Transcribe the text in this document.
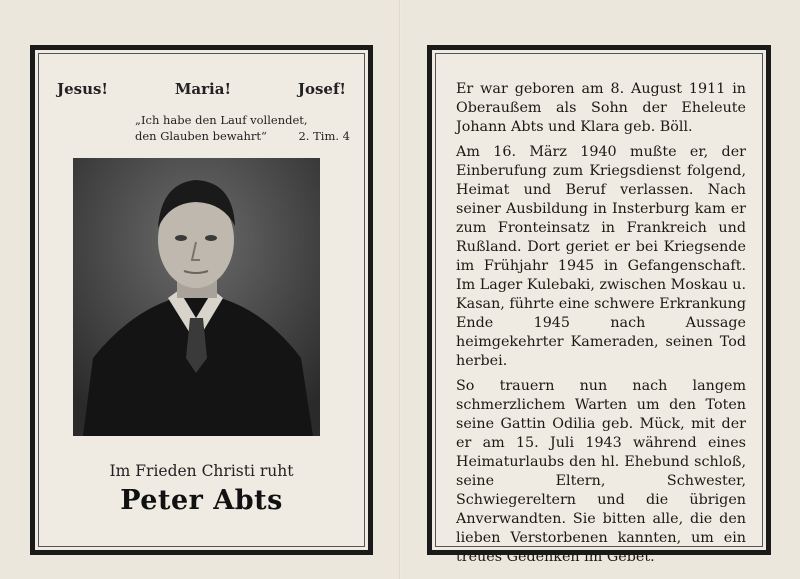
Jesus!	Maria!	Josef!
„Ich habe den Lauf vollendet,
den Glauben bewahrt“	2. Tim. 4
Im Frieden Christi ruht
Peter Abts

Er war geboren am 8. August 1911 in Oberaußem als Sohn der Eheleute Johann Abts und Klara geb. Böll.

Am 16. März 1940 mußte er, der Einberufung zum Kriegsdienst folgend, Heimat und Beruf verlassen. Nach seiner Ausbildung in Insterburg kam er zum Fronteinsatz in Frankreich und Rußland. Dort geriet er bei Kriegsende im Frühjahr 1945 in Gefangenschaft. Im Lager Kulebaki, zwischen Moskau u. Kasan, führte eine schwere Erkrankung Ende 1945 nach Aussage heimgekehrter Kameraden, seinen Tod herbei.

So trauern nun nach langem schmerzlichem Warten um den Toten seine Gattin Odilia geb. Mück, mit der er am 15. Juli 1943 während eines Heimaturlaubs den hl. Ehebund schloß, seine Eltern, Schwester, Schwiegereltern und die übrigen Anverwandten. Sie bitten alle, die den lieben Verstorbenen kannten, um ein treues Gedenken im Gebet.
